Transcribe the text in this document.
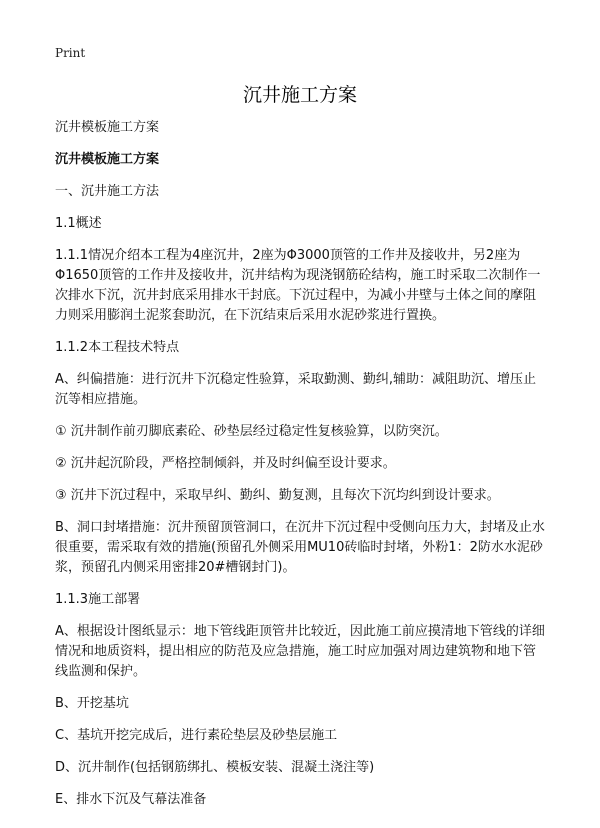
Print
沉井施工方案

沉井模板施工方案

沉井模板施工方案

一、沉井施工方法

1.1概述

1.1.1情况介绍本工程为4座沉井，2座为Φ3000顶管的工作井及接收井，另2座为Φ1650顶管的工作井及接收井，沉井结构为现浇钢筋砼结构，施工时采取二次制作一次排水下沉，沉井封底采用排水干封底。下沉过程中，为减小井壁与土体之间的摩阻力则采用膨润土泥浆套助沉，在下沉结束后采用水泥砂浆进行置换。

1.1.2本工程技术特点

A、纠偏措施：进行沉井下沉稳定性验算，采取勤测、勤纠,辅助：减阻助沉、增压止沉等相应措施。

① 沉井制作前刃脚底素砼、砂垫层经过稳定性复核验算，以防突沉。

② 沉井起沉阶段，严格控制倾斜，并及时纠偏至设计要求。

③ 沉井下沉过程中，采取早纠、勤纠、勤复测，且每次下沉均纠到设计要求。

B、洞口封堵措施：沉井预留顶管洞口，在沉井下沉过程中受侧向压力大，封堵及止水很重要，需采取有效的措施(预留孔外侧采用MU10砖临时封堵，外粉1：2防水水泥砂浆，预留孔内侧采用密排20#槽钢封门)。

1.1.3施工部署

A、根据设计图纸显示：地下管线距顶管井比较近，因此施工前应摸清地下管线的详细情况和地质资料，提出相应的防范及应急措施，施工时应加强对周边建筑物和地下管线监测和保护。

B、开挖基坑

C、基坑开挖完成后，进行素砼垫层及砂垫层施工

D、沉井制作(包括钢筋绑扎、模板安装、混凝土浇注等)

E、排水下沉及气幕法准备
